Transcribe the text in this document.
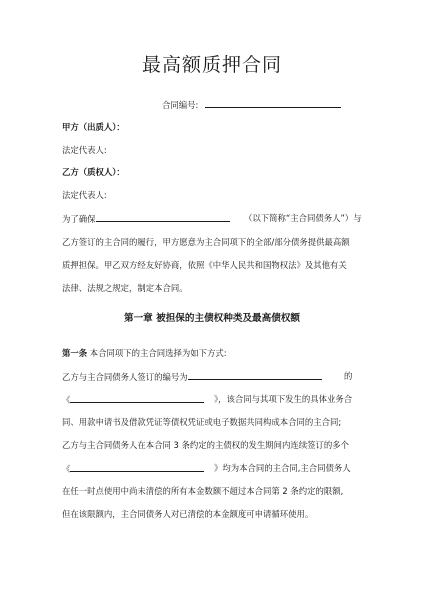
最高额质押合同
合同编号:
甲方（出质人）：
法定代表人:
乙方（质权人）：
法定代表人:
为了确保	（以下简称“主合同债务人”）与
乙方签订的主合同的履行，甲方愿意为主合同项下的全部/部分债务提供最高额
质押担保。甲乙双方经友好协商，依照《中华人民共和国物权法》及其他有关
法律、法规之规定，制定本合同。
第一章 被担保的主债权种类及最高债权额
第一条 本合同项下的主合同选择为如下方式:
乙方与主合同债务人签订的编号为	的
《	》，该合同与其项下发生的具体业务合
同、用款申请书及借款凭证等债权凭证或电子数据共同构成本合同的主合同;
乙方与主合同债务人在本合同 3 条约定的主债权的发生期间内连续签订的多个
《	》均为本合同的主合同,主合同债务人
在任一时点使用中尚未清偿的所有本金数额不超过本合同第 2 条约定的限额,
但在该限额内，主合同债务人对已清偿的本金额度可申请循环使用。
